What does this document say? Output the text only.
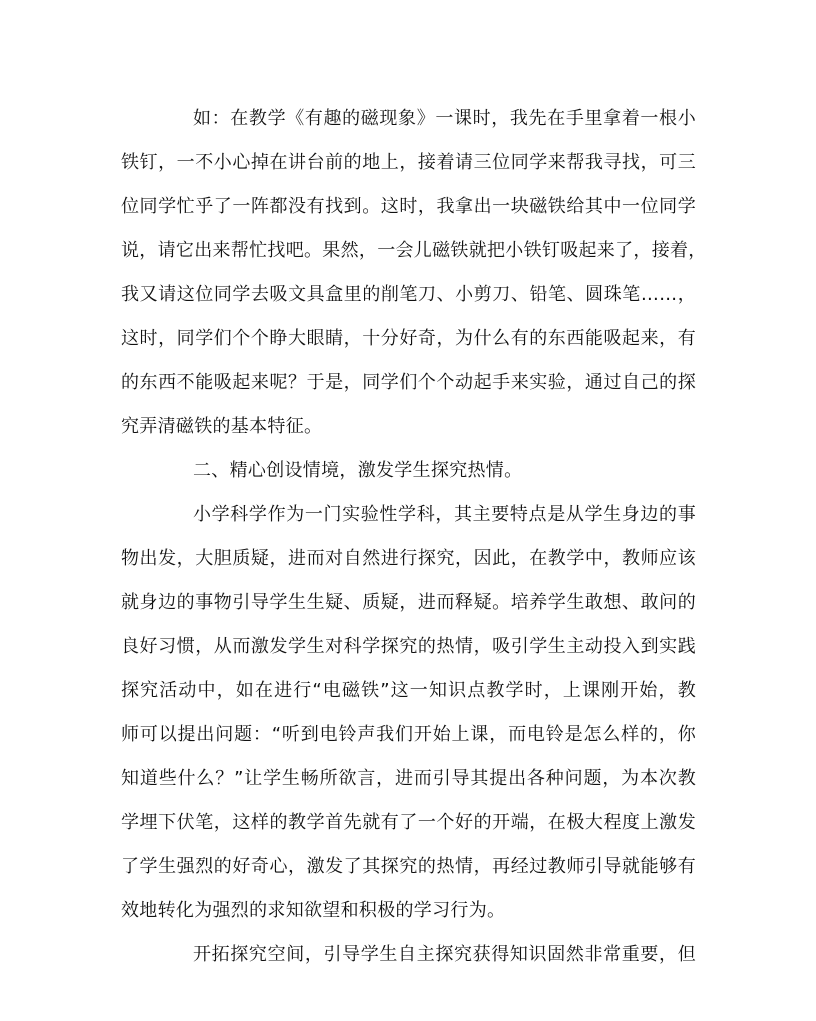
如：在教学《有趣的磁现象》一课时，我先在手里拿着一根小
铁钉，一不小心掉在讲台前的地上，接着请三位同学来帮我寻找，可三
位同学忙乎了一阵都没有找到。这时，我拿出一块磁铁给其中一位同学
说，请它出来帮忙找吧。果然，一会儿磁铁就把小铁钉吸起来了，接着，
我又请这位同学去吸文具盒里的削笔刀、小剪刀、铅笔、圆珠笔……，
这时，同学们个个睁大眼睛，十分好奇，为什么有的东西能吸起来，有
的东西不能吸起来呢？于是，同学们个个动起手来实验，通过自己的探
究弄清磁铁的基本特征。
二、精心创设情境，激发学生探究热情。
小学科学作为一门实验性学科，其主要特点是从学生身边的事
物出发，大胆质疑，进而对自然进行探究，因此，在教学中，教师应该
就身边的事物引导学生生疑、质疑，进而释疑。培养学生敢想、敢问的
良好习惯，从而激发学生对科学探究的热情，吸引学生主动投入到实践
探究活动中，如在进行“电磁铁”这一知识点教学时，上课刚开始，教
师可以提出问题：“听到电铃声我们开始上课，而电铃是怎么样的，你
知道些什么？”让学生畅所欲言，进而引导其提出各种问题，为本次教
学埋下伏笔，这样的教学首先就有了一个好的开端，在极大程度上激发
了学生强烈的好奇心，激发了其探究的热情，再经过教师引导就能够有
效地转化为强烈的求知欲望和积极的学习行为。
开拓探究空间，引导学生自主探究获得知识固然非常重要，但
